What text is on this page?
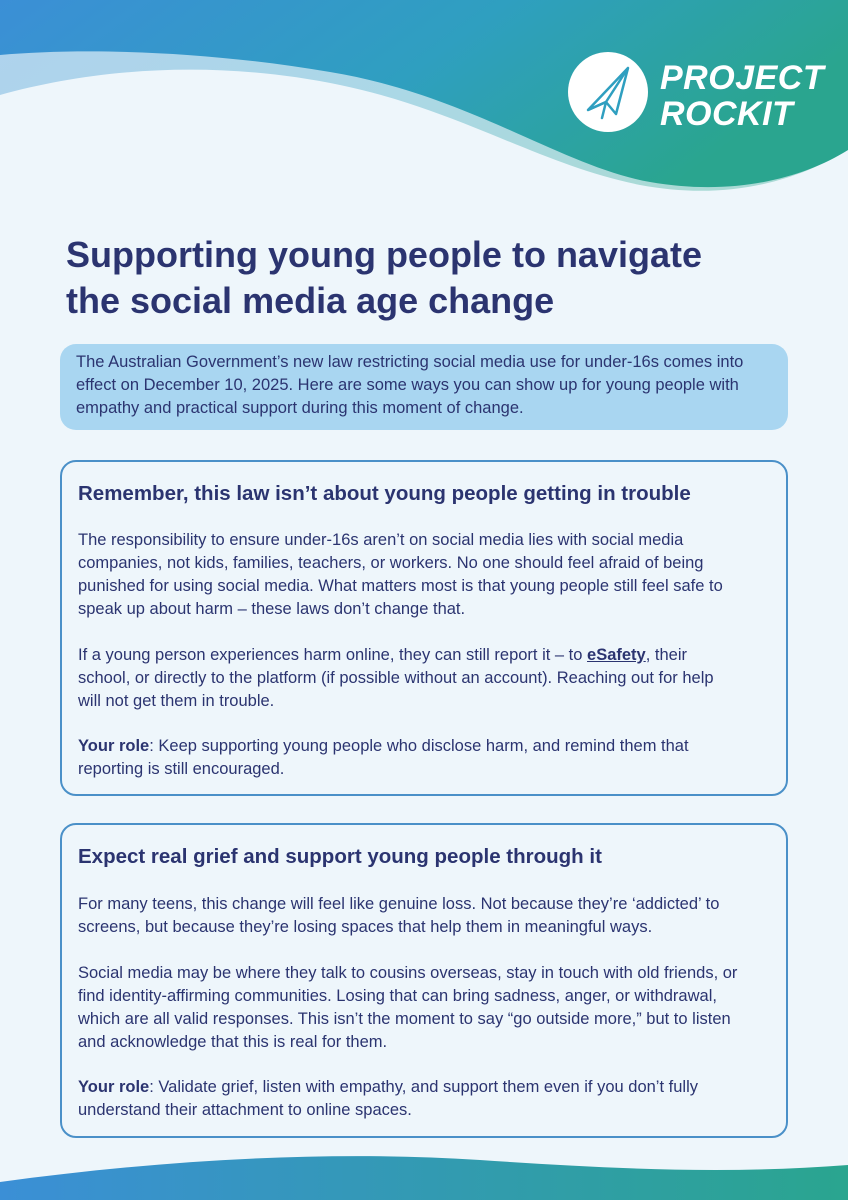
PROJECT
ROCKIT
Supporting young people to navigate
the social media age change
The Australian Government’s new law restricting social media use for under-16s comes into
effect on December 10, 2025. Here are some ways you can show up for young people with
empathy and practical support during this moment of change.
Remember, this law isn’t about young people getting in trouble
The responsibility to ensure under-16s aren’t on social media lies with social media
companies, not kids, families, teachers, or workers. No one should feel afraid of being
punished for using social media. What matters most is that young people still feel safe to
speak up about harm – these laws don’t change that.
If a young person experiences harm online, they can still report it – to eSafety, their
school, or directly to the platform (if possible without an account). Reaching out for help
will not get them in trouble.
Your role: Keep supporting young people who disclose harm, and remind them that
reporting is still encouraged.
Expect real grief and support young people through it
For many teens, this change will feel like genuine loss. Not because they’re ‘addicted’ to
screens, but because they’re losing spaces that help them in meaningful ways.
Social media may be where they talk to cousins overseas, stay in touch with old friends, or
find identity-affirming communities. Losing that can bring sadness, anger, or withdrawal,
which are all valid responses. This isn’t the moment to say “go outside more,” but to listen
and acknowledge that this is real for them.
Your role: Validate grief, listen with empathy, and support them even if you don’t fully
understand their attachment to online spaces.
